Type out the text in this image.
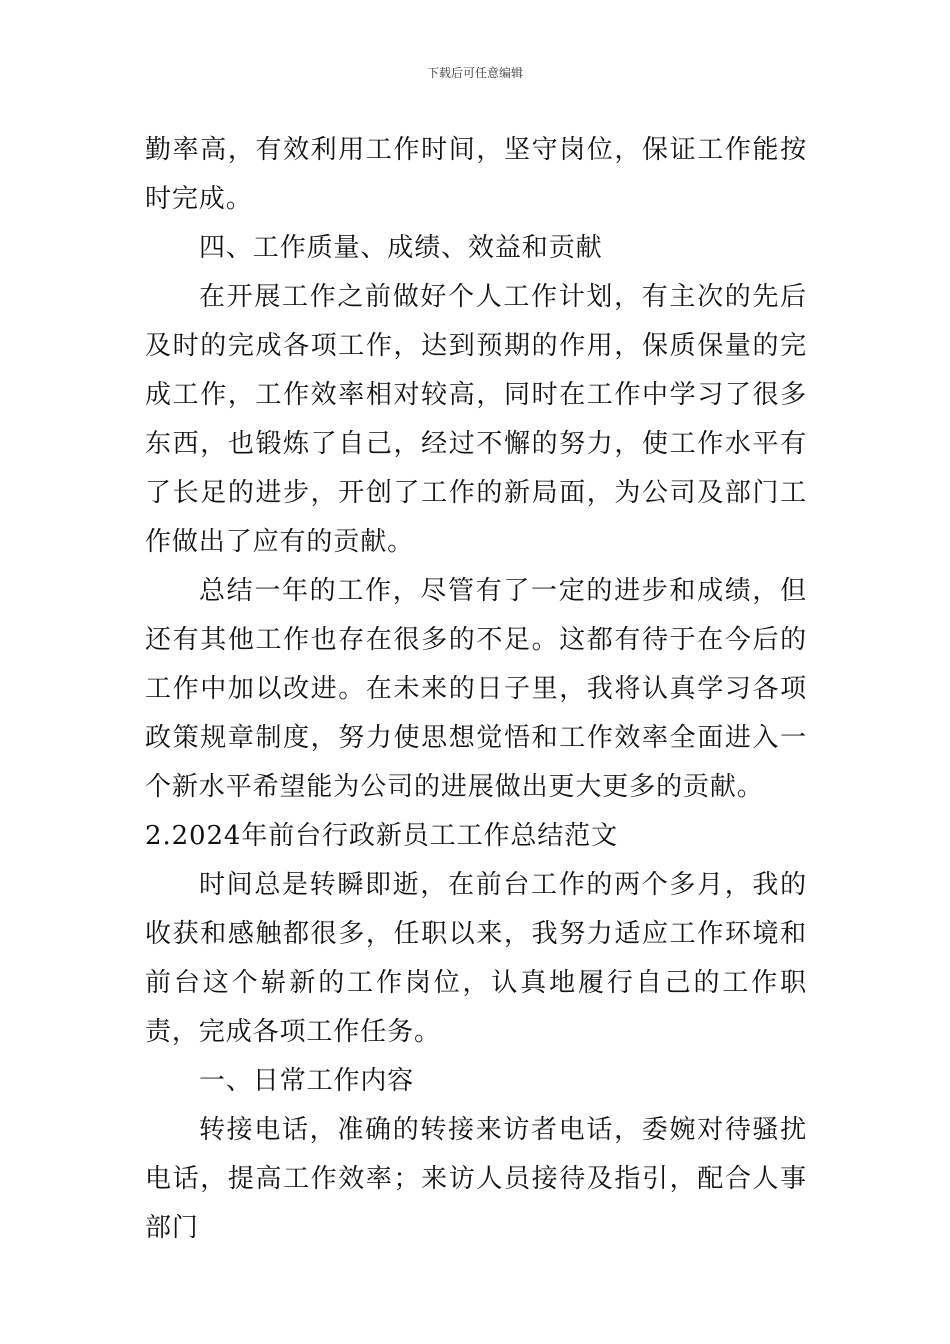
下载后可任意编辑

勤率高，有效利用工作时间，坚守岗位，保证工作能按时完成。

四、工作质量、成绩、效益和贡献

在开展工作之前做好个人工作计划，有主次的先后及时的完成各项工作，达到预期的作用，保质保量的完成工作，工作效率相对较高，同时在工作中学习了很多东西，也锻炼了自己，经过不懈的努力，使工作水平有了长足的进步，开创了工作的新局面，为公司及部门工作做出了应有的贡献。

总结一年的工作，尽管有了一定的进步和成绩，但还有其他工作也存在很多的不足。这都有待于在今后的工作中加以改进。在未来的日子里，我将认真学习各项政策规章制度，努力使思想觉悟和工作效率全面进入一个新水平希望能为公司的进展做出更大更多的贡献。

2.2024年前台行政新员工工作总结范文

时间总是转瞬即逝，在前台工作的两个多月，我的收获和感触都很多，任职以来，我努力适应工作环境和前台这个崭新的工作岗位，认真地履行自己的工作职责，完成各项工作任务。

一、日常工作内容

转接电话，准确的转接来访者电话，委婉对待骚扰电话，提高工作效率；来访人员接待及指引，配合人事部门
